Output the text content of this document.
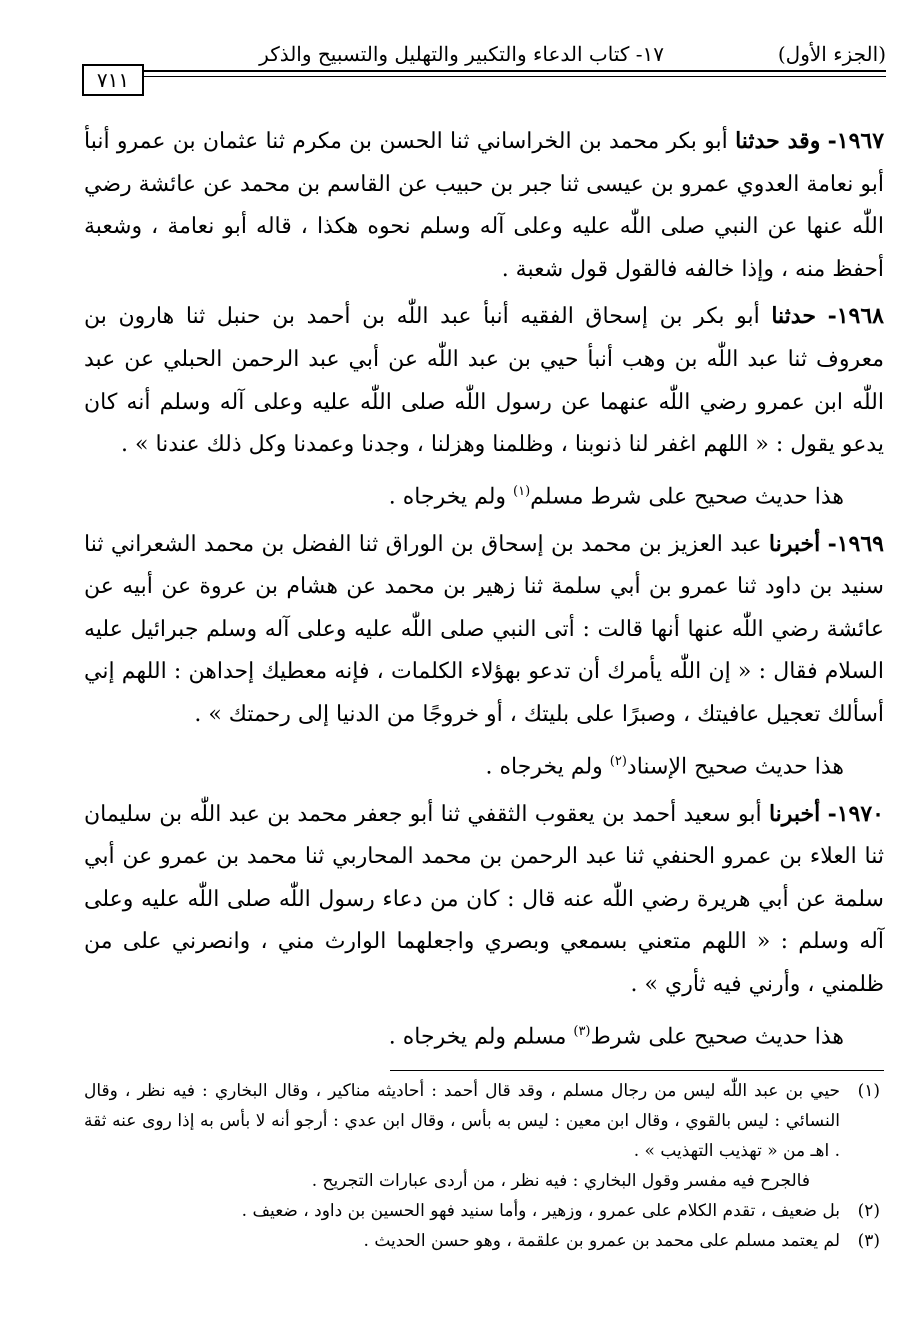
(الجزء الأول)
١٧- كتاب الدعاء والتكبير والتهليل والتسبيح والذكر
٧١١

١٩٦٧- وقد حدثنا أبو بكر محمد بن الخراساني ثنا الحسن بن مكرم ثنا عثمان بن عمرو أنبأ أبو نعامة العدوي عمرو بن عيسى ثنا جبر بن حبيب عن القاسم بن محمد عن عائشة رضي اللّٰه عنها عن النبي صلى اللّٰه عليه وعلى آله وسلم نحوه هكذا ، قاله أبو نعامة ، وشعبة أحفظ منه ، وإذا خالفه فالقول قول شعبة .

١٩٦٨- حدثنا أبو بكر بن إسحاق الفقيه أنبأ عبد اللّٰه بن أحمد بن حنبل ثنا هارون بن معروف ثنا عبد اللّٰه بن وهب أنبأ حيي بن عبد اللّٰه عن أبي عبد الرحمن الحبلي عن عبد اللّٰه ابن عمرو رضي اللّٰه عنهما عن رسول اللّٰه صلى اللّٰه عليه وعلى آله وسلم أنه كان يدعو يقول : « اللهم اغفر لنا ذنوبنا ، وظلمنا وهزلنا ، وجدنا وعمدنا وكل ذلك عندنا » .

هذا حديث صحيح على شرط مسلم$^{(١)}$ ولم يخرجاه .

١٩٦٩- أخبرنا عبد العزيز بن محمد بن إسحاق بن الوراق ثنا الفضل بن محمد الشعراني ثنا سنيد بن داود ثنا عمرو بن أبي سلمة ثنا زهير بن محمد عن هشام بن عروة عن أبيه عن عائشة رضي اللّٰه عنها أنها قالت : أتى النبي صلى اللّٰه عليه وعلى آله وسلم جبرائيل عليه السلام فقال : « إن اللّٰه يأمرك أن تدعو بهؤلاء الكلمات ، فإنه معطيك إحداهن : اللهم إني أسألك تعجيل عافيتك ، وصبرًا على بليتك ، أو خروجًا من الدنيا إلى رحمتك » .

هذا حديث صحيح الإسناد$^{(٢)}$ ولم يخرجاه .

١٩٧٠- أخبرنا أبو سعيد أحمد بن يعقوب الثقفي ثنا أبو جعفر محمد بن عبد اللّٰه بن سليمان ثنا العلاء بن عمرو الحنفي ثنا عبد الرحمن بن محمد المحاربي ثنا محمد بن عمرو عن أبي سلمة عن أبي هريرة رضي اللّٰه عنه قال : كان من دعاء رسول اللّٰه صلى اللّٰه عليه وعلى آله وسلم : « اللهم متعني بسمعي وبصري واجعلهما الوارث مني ، وانصرني على من ظلمني ، وأرني فيه ثأري » .

هذا حديث صحيح على شرط$^{(٣)}$ مسلم ولم يخرجاه .

(١)
حيي بن عبد اللّٰه ليس من رجال مسلم ، وقد قال أحمد : أحاديثه مناكير ، وقال البخاري : فيه نظر ، وقال النسائي : ليس بالقوي ، وقال ابن معين : ليس به بأس ، وقال ابن عدي : أرجو أنه لا بأس به إذا روى عنه ثقة . اهـ من « تهذيب التهذيب » .
فالجرح فيه مفسر وقول البخاري : فيه نظر ، من أردى عبارات التجريح .
(٢)
بل ضعيف ، تقدم الكلام على عمرو ، وزهير ، وأما سنيد فهو الحسين بن داود ، ضعيف .
(٣)
لم يعتمد مسلم على محمد بن عمرو بن علقمة ، وهو حسن الحديث .
